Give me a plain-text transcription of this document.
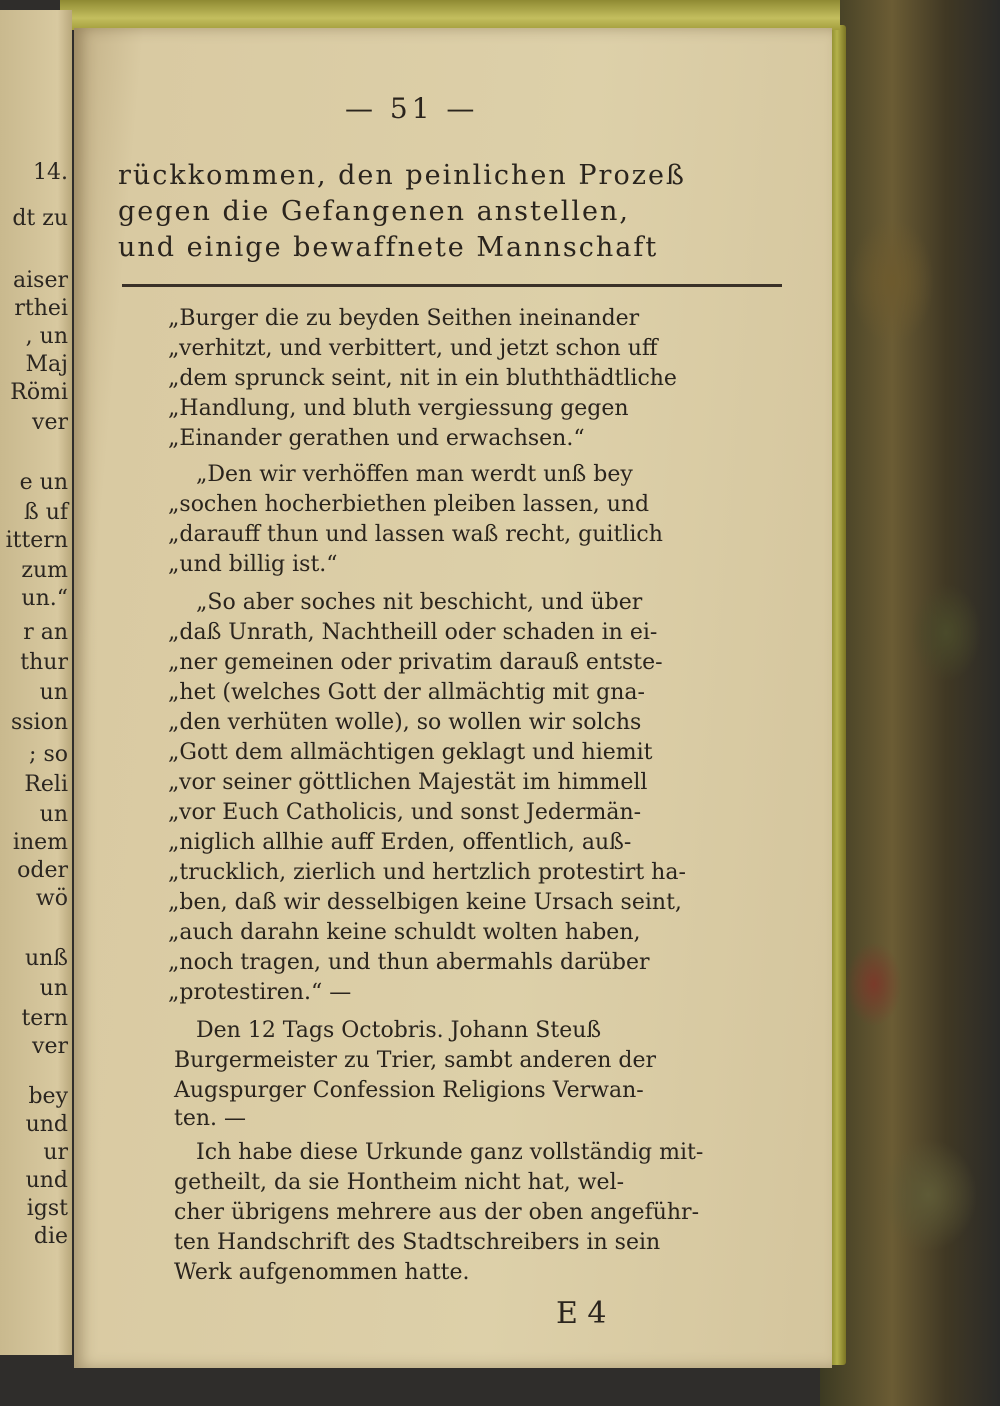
14.
dt zu
aiser
rthei
, un
Maj
Römi
ver
e un
ß uf
ittern
zum
un.“
r an
thur
un
ssion
; so
Reli
un
inem
oder
wö
unß
un
tern
ver
bey
und
ur
und
igst
die
— 51 —
rückkommen, den peinlichen Prozeß
gegen die Gefangenen anstellen,
und einige bewaffnete Mannschaft
„Burger die zu beyden Seithen ineinander
„verhitzt, und verbittert, und jetzt schon uff
„dem sprunck seint, nit in ein bluththädtliche
„Handlung, und bluth vergiessung gegen
„Einander gerathen und erwachsen.“
„Den wir verhöffen man werdt unß bey
„sochen hocherbiethen pleiben lassen, und
„darauff thun und lassen waß recht, guitlich
„und billig ist.“
„So aber soches nit beschicht, und über
„daß Unrath, Nachtheill oder schaden in ei-
„ner gemeinen oder privatim darauß entste-
„het (welches Gott der allmächtig mit gna-
„den verhüten wolle), so wollen wir solchs
„Gott dem allmächtigen geklagt und hiemit
„vor seiner göttlichen Majestät im himmell
„vor Euch Catholicis, und sonst Jedermän-
„niglich allhie auff Erden, offentlich, auß-
„trucklich, zierlich und hertzlich protestirt ha-
„ben, daß wir desselbigen keine Ursach seint,
„auch darahn keine schuldt wolten haben,
„noch tragen, und thun abermahls darüber
„protestiren.“ —
Den 12 Tags Octobris. Johann Steuß
Burgermeister zu Trier, sambt anderen der
Augspurger Confession Religions Verwan-
ten. —
Ich habe diese Urkunde ganz vollständig mit-
getheilt, da sie Hontheim nicht hat, wel-
cher übrigens mehrere aus der oben angeführ-
ten Handschrift des Stadtschreibers in sein
Werk aufgenommen hatte.
E 4
